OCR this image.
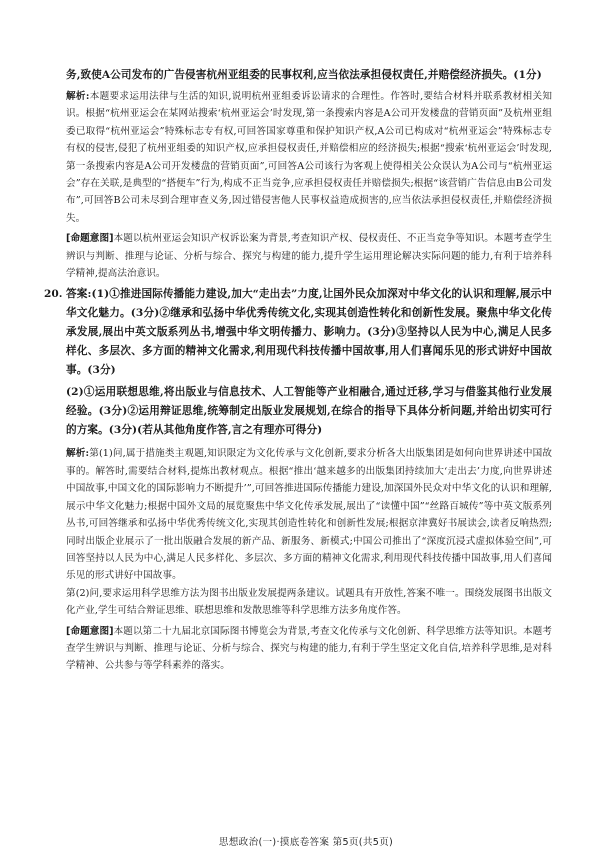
务,致使A公司发布的广告侵害杭州亚组委的民事权利,应当依法承担侵权责任,并赔偿经济损失。(1分)

解析:本题要求运用法律与生活的知识,说明杭州亚组委诉讼请求的合理性。作答时,要结合材料并联系教材相关知识。根据“杭州亚运会在某网站搜索‘杭州亚运会’时发现,第一条搜索内容是A公司开发楼盘的营销页面”及杭州亚组委已取得“杭州亚运会”特殊标志专有权,可回答国家尊重和保护知识产权,A公司已构成对“杭州亚运会”特殊标志专有权的侵害,侵犯了杭州亚组委的知识产权,应承担侵权责任,并赔偿相应的经济损失;根据“搜索‘杭州亚运会’时发现,第一条搜索内容是A公司开发楼盘的营销页面”,可回答A公司该行为客观上使得相关公众误认为A公司与“杭州亚运会”存在关联,是典型的“搭便车”行为,构成不正当竞争,应承担侵权责任并赔偿损失;根据“该营销广告信息由B公司发布”,可回答B公司未尽到合理审查义务,因过错侵害他人民事权益造成损害的,应当依法承担侵权责任,并赔偿经济损失。

[命题意图]本题以杭州亚运会知识产权诉讼案为背景,考查知识产权、侵权责任、不正当竞争等知识。本题考查学生辨识与判断、推理与论证、分析与综合、探究与构建的能力,提升学生运用理论解决实际问题的能力,有利于培养科学精神,提高法治意识。

20. 答案:(1)①推进国际传播能力建设,加大“走出去”力度,让国外民众加深对中华文化的认识和理解,展示中华文化魅力。(3分)②继承和弘扬中华优秀传统文化,实现其创造性转化和创新性发展。聚焦中华文化传承发展,展出中英文版系列丛书,增强中华文明传播力、影响力。(3分)③坚持以人民为中心,满足人民多样化、多层次、多方面的精神文化需求,利用现代科技传播中国故事,用人们喜闻乐见的形式讲好中国故事。(3分)

(2)①运用联想思维,将出版业与信息技术、人工智能等产业相融合,通过迁移,学习与借鉴其他行业发展经验。(3分)②运用辩证思维,统筹制定出版业发展规划,在综合的指导下具体分析问题,并给出切实可行的方案。(3分)(若从其他角度作答,言之有理亦可得分)

解析:第(1)问,属于措施类主观题,知识限定为文化传承与文化创新,要求分析各大出版集团是如何向世界讲述中国故事的。解答时,需要结合材料,提炼出教材观点。根据“推出‘越来越多的出版集团持续加大‘走出去’力度,向世界讲述中国故事,中国文化的国际影响力不断提升’”,可回答推进国际传播能力建设,加深国外民众对中华文化的认识和理解,展示中华文化魅力;根据中国外文局的展览聚焦中华文化传承发展,展出了“读懂中国”“丝路百城传”等中英文版系列丛书,可回答继承和弘扬中华优秀传统文化,实现其创造性转化和创新性发展;根据京津冀好书展读会,读者反响热烈;同时出版企业展示了一批出版融合发展的新产品、新服务、新模式;中国公司推出了“深度沉浸式虚拟体验空间”,可回答坚持以人民为中心,满足人民多样化、多层次、多方面的精神文化需求,利用现代科技传播中国故事,用人们喜闻乐见的形式讲好中国故事。

第(2)问,要求运用科学思维方法为图书出版业发展提两条建议。试题具有开放性,答案不唯一。围绕发展图书出版文化产业,学生可结合辩证思维、联想思维和发散思维等科学思维方法多角度作答。

[命题意图]本题以第二十九届北京国际图书博览会为背景,考查文化传承与文化创新、科学思维方法等知识。本题考查学生辨识与判断、推理与论证、分析与综合、探究与构建的能力,有利于学生坚定文化自信,培养科学思维,是对科学精神、公共参与等学科素养的落实。

思想政治(一)·摸底卷答案 第5页(共5页)
